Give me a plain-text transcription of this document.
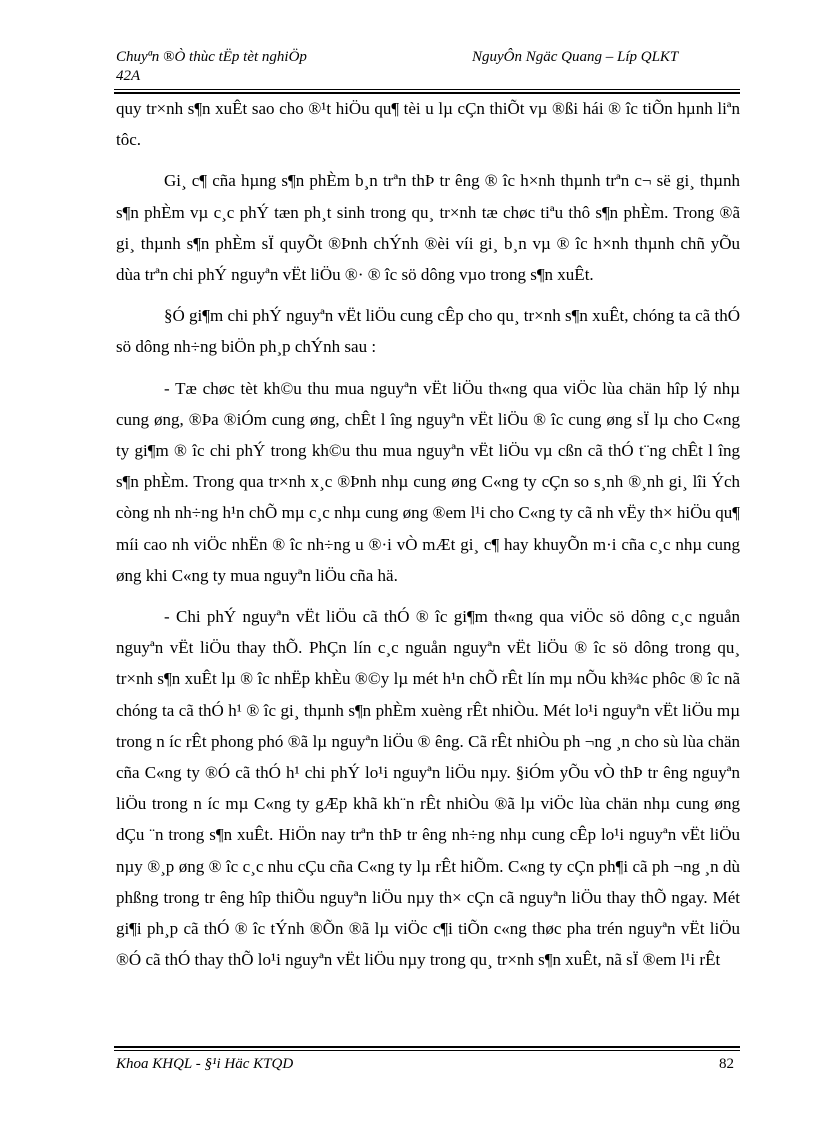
Chuyªn ®Ò thùc tËp tèt nghiÖp
42A
NguyÔn Ngäc Quang – Líp QLKT

quy tr×nh s¶n xuÊt sao cho ®¹t hiÖu qu¶ tèi u lµ cÇn thiÕt vµ ®ßi hái ® îc tiÕn hµnh liªn tôc.

Gi¸ c¶ cña hµng s¶n phÈm b¸n trªn thÞ tr êng ® îc h×nh thµnh trªn c¬ së gi¸ thµnh s¶n phÈm vµ c¸c phÝ tæn ph¸t sinh trong qu¸ tr×nh tæ chøc tiªu thô s¶n phÈm. Trong ®ã gi¸ thµnh s¶n phÈm sÏ quyÕt ®Þnh chÝnh ®èi víi gi¸ b¸n vµ ® îc h×nh thµnh chñ yÕu dùa trªn chi phÝ nguyªn vËt liÖu ®· ® îc sö dông vµo trong s¶n xuÊt.

§Ó gi¶m chi phÝ nguyªn vËt liÖu cung cÊp cho qu¸ tr×nh s¶n xuÊt, chóng ta cã thÓ sö dông nh÷ng biÖn ph¸p chÝnh sau :

- Tæ chøc tèt kh©u thu mua nguyªn vËt liÖu th«ng qua viÖc lùa chän hîp lý nhµ cung øng, ®Þa ®iÓm cung øng, chÊt l îng nguyªn vËt liÖu ® îc cung øng sÏ lµ cho C«ng ty gi¶m ® îc chi phÝ trong kh©u thu mua nguyªn vËt liÖu vµ cßn cã thÓ t¨ng chÊt l îng s¶n phÈm. Trong qua tr×nh x¸c ®Þnh nhµ cung øng C«ng ty cÇn so s¸nh ®¸nh gi¸ lîi Ých còng nh nh÷ng h¹n chÕ mµ c¸c nhµ cung øng ®em l¹i cho C«ng ty cã nh vËy th× hiÖu qu¶ míi cao nh viÖc nhËn ® îc nh÷ng u ®·i vÒ mÆt gi¸ c¶ hay khuyÕn m·i cña c¸c nhµ cung øng khi C«ng ty mua nguyªn liÖu cña hä.

- Chi phÝ nguyªn vËt liÖu cã thÓ ® îc gi¶m th«ng qua viÖc sö dông c¸c nguån nguyªn vËt liÖu thay thÕ. PhÇn lín c¸c nguån nguyªn vËt liÖu ® îc sö dông trong qu¸ tr×nh s¶n xuÊt lµ ® îc nhËp khÈu ®©y lµ mét h¹n chÕ rÊt lín mµ nÕu kh¾c phôc ® îc nã chóng ta cã thÓ h¹ ® îc gi¸ thµnh s¶n phÈm xuèng rÊt nhiÒu. Mét lo¹i nguyªn vËt liÖu mµ trong n íc rÊt phong phó ®ã lµ nguyªn liÖu ® êng. Cã rÊt nhiÒu ph ¬ng ¸n cho sù lùa chän cña C«ng ty ®Ó cã thÓ h¹ chi phÝ lo¹i nguyªn liÖu nµy. §iÓm yÕu vÒ thÞ tr êng nguyªn liÖu trong n íc mµ C«ng ty gÆp khã kh¨n rÊt nhiÒu ®ã lµ viÖc lùa chän nhµ cung øng dÇu ¨n trong s¶n xuÊt. HiÖn nay trªn thÞ tr êng nh÷ng nhµ cung cÊp lo¹i nguyªn vËt liÖu nµy ®¸p øng ® îc c¸c nhu cÇu cña C«ng ty lµ rÊt hiÕm. C«ng ty cÇn ph¶i cã ph ¬ng ¸n dù phßng trong tr êng hîp thiÕu nguyªn liÖu nµy th× cÇn cã nguyªn liÖu thay thÕ ngay. Mét gi¶i ph¸p cã thÓ ® îc tÝnh ®Õn ®ã lµ viÖc c¶i tiÕn c«ng thøc pha trén nguyªn vËt liÖu ®Ó cã thÓ thay thÕ lo¹i nguyªn vËt liÖu nµy trong qu¸ tr×nh s¶n xuÊt, nã sÏ ®em l¹i rÊt

Khoa KHQL - §¹i Häc KTQD	82
